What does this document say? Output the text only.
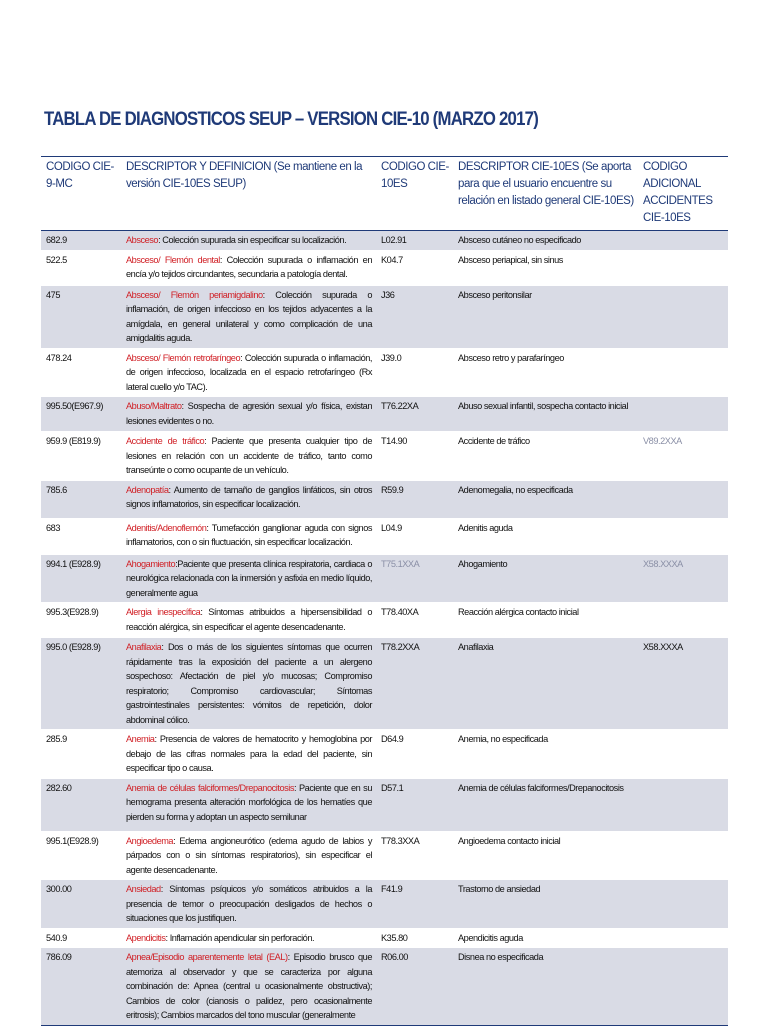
TABLA DE DIAGNOSTICOS SEUP – VERSION CIE-10 (MARZO 2017)
CODIGO CIE-9-MC	DESCRIPTOR Y DEFINICION (Se mantiene en la versión CIE-10ES SEUP)	CODIGO CIE-10ES	DESCRIPTOR CIE-10ES (Se aporta para que el usuario encuentre su relación en listado general CIE-10ES)	CODIGO ADICIONAL ACCIDENTES CIE-10ES
682.9	Absceso: Colección supurada sin especificar su localización.	L02.91	Absceso cutáneo no especificado	
522.5	Absceso/ Flemón dental: Colección supurada o inflamación en encía y/o tejidos circundantes, secundaria a patología dental.	K04.7	Absceso periapical, sin sinus	
475	Absceso/ Flemón periamigdalino: Colección supurada o inflamación, de origen infeccioso en los tejidos adyacentes a la amígdala, en general unilateral y como complicación de una amigdalitis aguda.	J36	Absceso peritonsilar	
478.24	Absceso/ Flemón retrofaríngeo: Colección supurada o inflamación, de origen infeccioso, localizada en el espacio retrofaríngeo (Rx lateral cuello y/o TAC).	J39.0	Absceso retro y parafaríngeo	
995.50(E967.9)	Abuso/Maltrato: Sospecha de agresión sexual y/o física, existan lesiones evidentes o no.	T76.22XA	Abuso sexual infantil, sospecha contacto inicial	
959.9 (E819.9)	Accidente de tráfico: Paciente que presenta cualquier tipo de lesiones en relación con un accidente de tráfico, tanto como transeúnte o como ocupante de un vehículo.	T14.90	Accidente de tráfico	V89.2XXA
785.6	Adenopatía: Aumento de tamaño de ganglios linfáticos, sin otros signos inflamatorios, sin especificar localización.	R59.9	Adenomegalia, no especificada	
683	Adenitis/Adenoflemón: Tumefacción ganglionar aguda con signos inflamatorios, con o sin fluctuación, sin especificar localización.	L04.9	Adenitis aguda	
994.1 (E928.9)	Ahogamiento:Paciente que presenta clínica respiratoria, cardiaca o neurológica relacionada con la inmersión y asfixia en medio líquido, generalmente agua	T75.1XXA	Ahogamiento	X58.XXXA
995.3(E928.9)	Alergia inespecífica: Síntomas atribuidos a hipersensibilidad o reacción alérgica, sin especificar el agente desencadenante.	T78.40XA	Reacción alérgica contacto inicial	
995.0 (E928.9)	Anafilaxia: Dos o más de los siguientes síntomas que ocurren rápidamente tras la exposición del paciente a un alergeno sospechoso: Afectación de piel y/o mucosas; Compromiso respiratorio; Compromiso cardiovascular; Síntomas gastrointestinales persistentes: vómitos de repetición, dolor abdominal cólico.	T78.2XXA	Anafilaxia	X58.XXXA
285.9	Anemia: Presencia de valores de hematocrito y hemoglobina por debajo de las cifras normales para la edad del paciente, sin especificar tipo o causa.	D64.9	Anemia, no especificada	
282.60	Anemia de células falciformes/Drepanocitosis: Paciente que en su hemograma presenta alteración morfológica de los hematíes que pierden su forma y adoptan un aspecto semilunar	D57.1	Anemia de células falciformes/Drepanocitosis	
995.1(E928.9)	Angioedema: Edema angioneurótico (edema agudo de labios y párpados con o sin síntomas respiratorios), sin especificar el agente desencadenante.	T78.3XXA	Angioedema contacto inicial	
300.00	Ansiedad: Síntomas psíquicos y/o somáticos atribuidos a la presencia de temor o preocupación desligados de hechos o situaciones que los justifiquen.	F41.9	Trastorno de ansiedad	
540.9	Apendicitis: Inflamación apendicular sin perforación.	K35.80	Apendicitis aguda	
786.09	Apnea/Episodio aparentemente letal (EAL): Episodio brusco que atemoriza al observador y que se caracteriza por alguna combinación de: Apnea (central u ocasionalmente obstructiva); Cambios de color (cianosis o palidez, pero ocasionalmente eritrosis); Cambios marcados del tono muscular (generalmente	R06.00	Disnea no especificada	
